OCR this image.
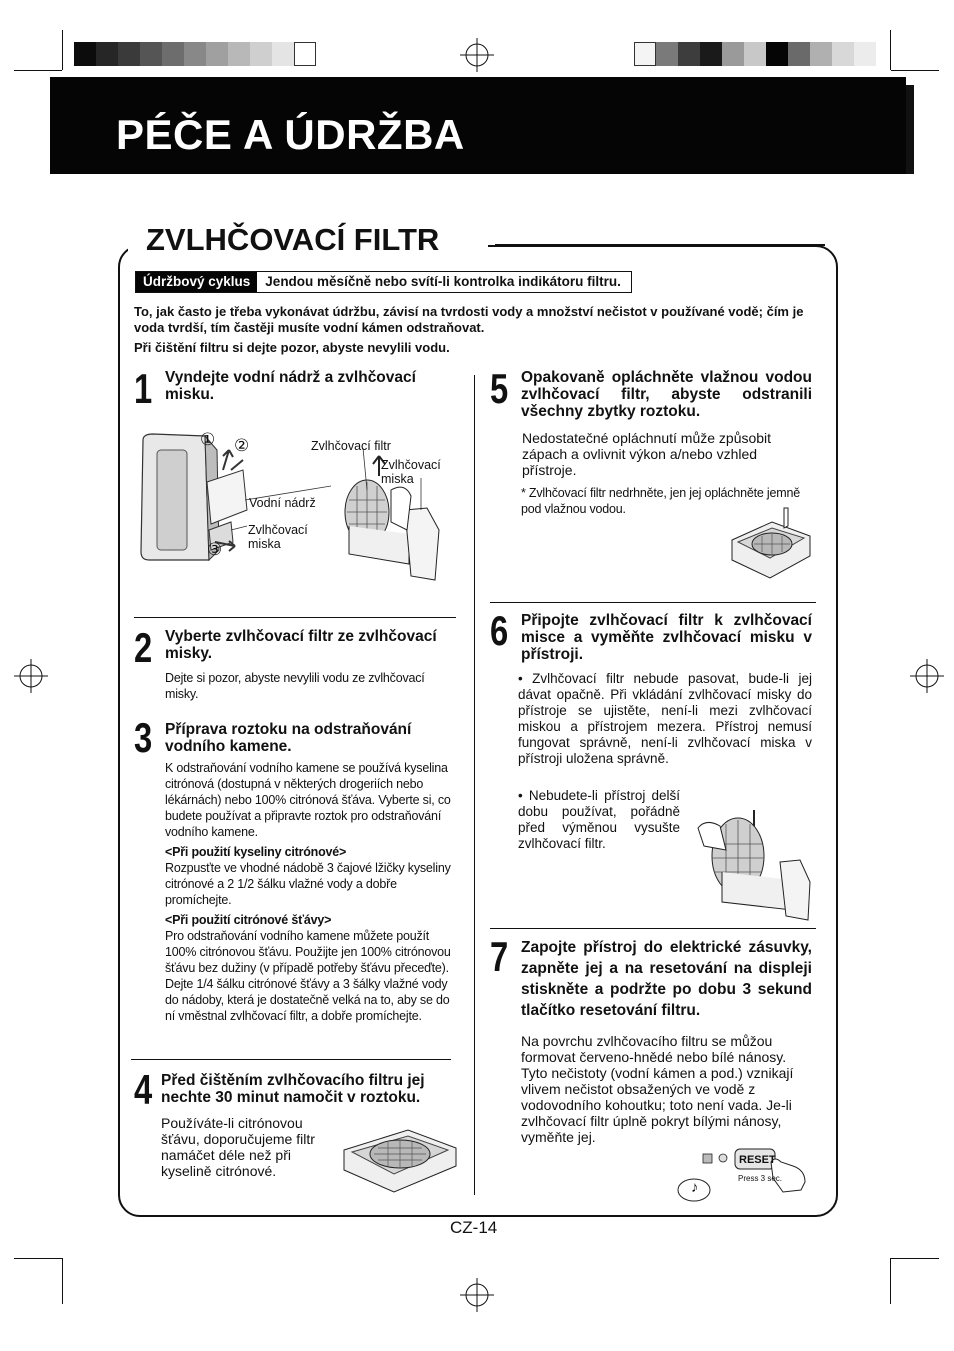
PÉČE A ÚDRŽBA
ZVLHČOVACÍ FILTR
Údržbový cyklus	Jendou měsíčně nebo svítí-li kontrolka indikátoru filtru.

To, jak často je třeba vykonávat údržbu, závisí na tvrdosti vody a množství nečistot v používané vodě; čím je voda tvrdší, tím častěji musíte vodní kámen odstraňovat.

Při čištění filtru si dejte pozor, abyste nevylili vodu.

1 Vyndejte vodní nádrž a zvlhčovací misku.
① ②
③
Vodní nádrž
Zvlhčovací miska
Zvlhčovací filtr
Zvlhčovací miska
2 Vyberte zvlhčovací filtr ze zvlhčovací misky.
Dejte si pozor, abyste nevylili vodu ze zvlhčovací misky.
3 Příprava roztoku na odstraňování vodního kamene.

K odstraňování vodního kamene se používá kyselina citrónová (dostupná v některých drogeriích nebo lékárnách) nebo 100% citrónová šťáva. Vyberte si, co budete používat a připravte roztok pro odstraňování vodního kamene.

<Při použití kyseliny citrónové>

Rozpusťte ve vhodné nádobě 3 čajové lžičky kyseliny citrónové a 2 1/2 šálku vlažné vody a dobře promíchejte.

<Při použití citrónové šťávy>

Pro odstraňování vodního kamene můžete použít 100% citrónovou šťávu. Použijte jen 100% citrónovou šťávu bez dužiny (v případě potřeby šťávu přeceďte). Dejte 1/4 šálku citrónové šťávy a 3 šálky vlažné vody do nádoby, která je dostatečně velká na to, aby se do ní vměstnal zvlhčovací filtr, a dobře promíchejte.

4 Před čištěním zvlhčovacího filtru jej nechte 30 minut namočit v roztoku.
Používáte-li citrónovou šťávu, doporučujeme filtr namáčet déle než při kyselině citrónové.
5 Opakovaně opláchněte vlažnou vodou zvlhčovací filtr, abyste odstranili všechny zbytky roztoku.
Nedostatečné opláchnutí může způsobit zápach a ovlivnit výkon a/nebo vzhled přístroje.
* Zvlhčovací filtr nedrhněte, jen jej opláchněte jemně pod vlažnou vodou.
6 Připojte zvlhčovací filtr k zvlhčovací misce a vyměňte zvlhčovací misku v přístroji.
• Zvlhčovací filtr nebude pasovat, bude-li jej dávat opačně. Při vkládání zvlhčovací misky do přístroje se ujistěte, není-li mezi zvlhčovací miskou a přístrojem mezera. Přístroj nemusí fungovat správně, není-li zvlhčovací miska v přístroji uložena správně.
• Nebudete-li přístroj delší dobu používat, pořádně před výměnou vysušte zvlhčovací filtr.
7 Zapojte přístroj do elektrické zásuvky, zapněte jej a na resetování na displeji stiskněte a podržte po dobu 3 sekund tlačítko resetování filtru.
Na povrchu zvlhčovacího filtru se můžou formovat červeno-hnědé nebo bílé nánosy. Tyto nečistoty (vodní kámen a pod.) vznikají vlivem nečistot obsažených ve vodě z vodovodního kohoutku; toto není vada. Je-li zvlhčovací filtr úplně pokryt bílými nánosy, vyměňte jej.
RESET
Press 3 sec.
♪
CZ-14
